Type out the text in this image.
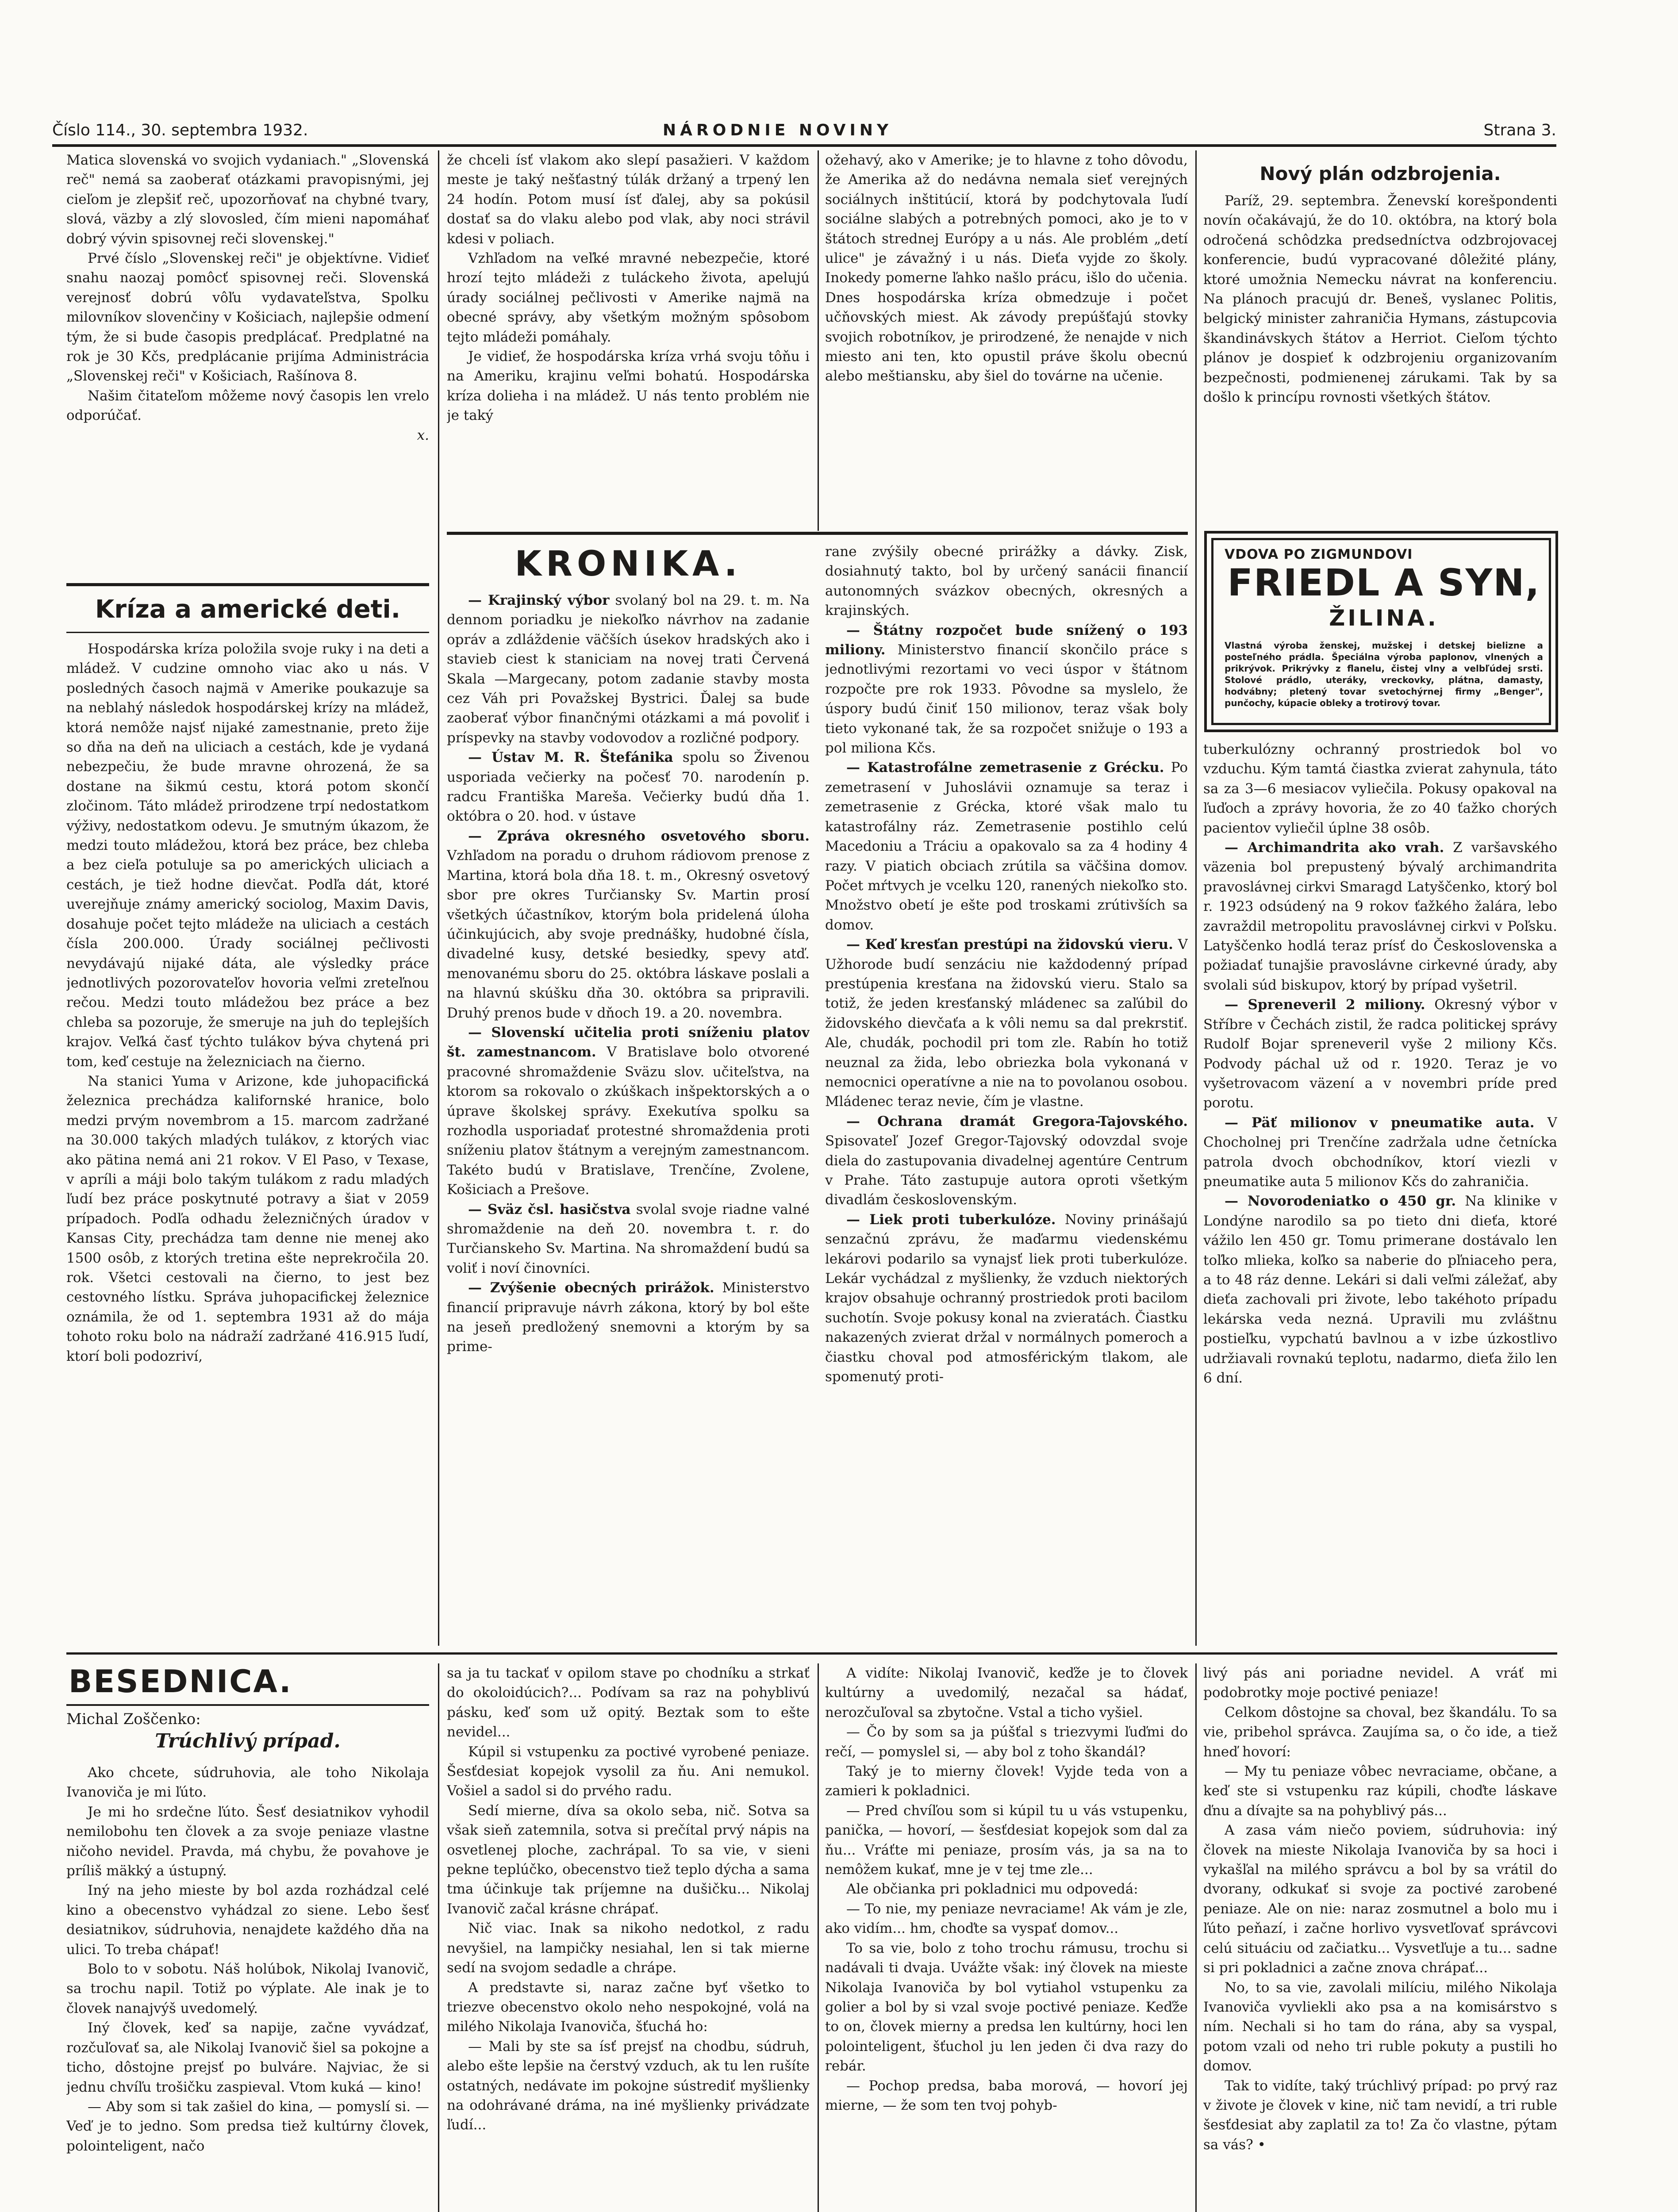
Číslo 114., 30. septembra 1932.	NÁRODNIE NOVINY	Strana 3.

Matica slovenská vo svojich vydaniach." „Slovenská reč" nemá sa zaoberať otázkami pravopisnými, jej cieľom je zlepšiť reč, upozorňovať na chybné tvary, slová, väzby a zlý slovosled, čím mieni napomáhať dobrý vývin spisovnej reči slovenskej."

Prvé číslo „Slovenskej reči" je objektívne. Vidieť snahu naozaj pomôcť spisovnej reči. Slovenská verejnosť dobrú vôľu vydavateľstva, Spolku milovníkov slovenčiny v Košiciach, najlepšie odmení tým, že si bude časopis predplácať. Predplatné na rok je 30 Kčs, predplácanie prijíma Administrácia „Slovenskej reči" v Košiciach, Rašínova 8.

Našim čitateľom môžeme nový časopis len vrelo odporúčať.

x.

že chceli ísť vlakom ako slepí pasažieri. V každom meste je taký nešťastný túlák držaný a trpený len 24 hodín. Potom musí ísť ďalej, aby sa pokúsil dostať sa do vlaku alebo pod vlak, aby noci strávil kdesi v poliach.

Vzhľadom na veľké mravné nebezpečie, ktoré hrozí tejto mládeži z tuláckeho života, apelujú úrady sociálnej pečlivosti v Amerike najmä na obecné správy, aby všetkým možným spôsobom tejto mládeži pomáhaly.

Je vidieť, že hospodárska kríza vrhá svoju tôňu i na Ameriku, krajinu veľmi bohatú. Hospodárska kríza dolieha i na mládež. U nás tento problém nie je taký

ožehavý, ako v Amerike; je to hlavne z toho dôvodu, že Amerika až do nedávna nemala sieť verejných sociálnych inštitúcií, ktorá by podchytovala ľudí sociálne slabých a potrebných pomoci, ako je to v štátoch strednej Európy a u nás. Ale problém „detí ulice" je závažný i u nás. Dieťa vyjde zo školy. Inokedy pomerne ľahko našlo prácu, išlo do učenia. Dnes hospodárska kríza obmedzuje i počet učňovských miest. Ak závody prepúšťajú stovky svojich robotníkov, je prirodzené, že nenajde v nich miesto ani ten, kto opustil práve školu obecnú alebo meštiansku, aby šiel do továrne na učenie.

Nový plán odzbrojenia.

Paríž, 29. septembra. Ženevskí korešpondenti novín očakávajú, že do 10. októbra, na ktorý bola odročená schôdzka predsedníctva odzbrojovacej konferencie, budú vypracované dôležité plány, ktoré umožnia Nemecku návrat na konferenciu. Na plánoch pracujú dr. Beneš, vyslanec Politis, belgický minister zahraničia Hymans, zástupcovia škandinávskych štátov a Herriot. Cieľom týchto plánov je dospieť k odzbrojeniu organizovaním bezpečnosti, podmienenej zárukami. Tak by sa došlo k princípu rovnosti všetkých štátov.

Kríza a americké deti.

Hospodárska kríza položila svoje ruky i na deti a mládež. V cudzine omnoho viac ako u nás. V posledných časoch najmä v Amerike poukazuje sa na neblahý následok hospodárskej krízy na mládež, ktorá nemôže najsť nijaké zamestnanie, preto žije so dňa na deň na uliciach a cestách, kde je vydaná nebezpečiu, že bude mravne ohrozená, že sa dostane na šikmú cestu, ktorá potom skončí zločinom. Táto mládež prirodzene trpí nedostatkom výživy, nedostatkom odevu. Je smutným úkazom, že medzi touto mládežou, ktorá bez práce, bez chleba a bez cieľa potuluje sa po amerických uliciach a cestách, je tiež hodne dievčat. Podľa dát, ktoré uverejňuje známy americký sociolog, Maxim Davis, dosahuje počet tejto mládeže na uliciach a cestách čísla 200.000. Úrady sociálnej pečlivosti nevydávajú nijaké dáta, ale výsledky práce jednotlivých pozorovateľov hovoria veľmi zreteľnou rečou. Medzi touto mládežou bez práce a bez chleba sa pozoruje, že smeruje na juh do teplejších krajov. Veľká časť týchto tulákov býva chytená pri tom, keď cestuje na železniciach na čierno.

Na stanici Yuma v Arizone, kde juhopacifická železnica prechádza kalifornské hranice, bolo medzi prvým novembrom a 15. marcom zadržané na 30.000 takých mladých tulákov, z ktorých viac ako pätina nemá ani 21 rokov. V El Paso, v Texase, v apríli a máji bolo takým tulákom z radu mladých ľudí bez práce poskytnuté potravy a šiat v 2059 prípadoch. Podľa odhadu železničných úradov v Kansas City, prechádza tam denne nie menej ako 1500 osôb, z ktorých tretina ešte neprekročila 20. rok. Všetci cestovali na čierno, to jest bez cestovného lístku. Správa juhopacifickej železnice oznámila, že od 1. septembra 1931 až do mája tohoto roku bolo na nádraží zadržané 416.915 ľudí, ktorí boli podozriví,

KRONIKA.

— Krajinský výbor svolaný bol na 29. t. m. Na dennom poriadku je niekoľko návrhov na zadanie opráv a zdláždenie väčších úsekov hradských ako i stavieb ciest k staniciam na novej trati Červená Skala —Margecany, potom zadanie stavby mosta cez Váh pri Považskej Bystrici. Ďalej sa bude zaoberať výbor finančnými otázkami a má povoliť i príspevky na stavby vodovodov a rozličné podpory.

— Ústav M. R. Štefánika spolu so Živenou usporiada večierky na počesť 70. narodenín p. radcu Františka Mareša. Večierky budú dňa 1. októbra o 20. hod. v ústave

— Zpráva okresného osvetového sboru. Vzhľadom na poradu o druhom rádiovom prenose z Martina, ktorá bola dňa 18. t. m., Okresný osvetový sbor pre okres Turčiansky Sv. Martin prosí všetkých účastníkov, ktorým bola pridelená úloha účinkujúcich, aby svoje prednášky, hudobné čísla, divadelné kusy, detské besiedky, spevy atď. menovanému sboru do 25. októbra láskave poslali a na hlavnú skúšku dňa 30. októbra sa pripravili. Druhý prenos bude v dňoch 19. a 20. novembra.

— Slovenskí učitelia proti sníženiu platov št. zamestnancom. V Bratislave bolo otvorené pracovné shromaždenie Sväzu slov. učiteľstva, na ktorom sa rokovalo o zkúškach inšpektorských a o úprave školskej správy. Exekutíva spolku sa rozhodla usporiadať protestné shromaždenia proti sníženiu platov štátnym a verejným zamestnancom. Takéto budú v Bratislave, Trenčíne, Zvolene, Košiciach a Prešove.

— Sväz čsl. hasičstva svolal svoje riadne valné shromaždenie na deň 20. novembra t. r. do Turčianskeho Sv. Martina. Na shromaždení budú sa voliť i noví činovníci.

— Zvýšenie obecných prirážok. Ministerstvo financií pripravuje návrh zákona, ktorý by bol ešte na jeseň predložený snemovni a ktorým by sa prime-

rane zvýšily obecné prirážky a dávky. Zisk, dosiahnutý takto, bol by určený sanácii financií autonomných svázkov obecných, okresných a krajinských.

— Štátny rozpočet bude snížený o 193 miliony. Ministerstvo financií skončilo práce s jednotlivými rezortami vo veci úspor v štátnom rozpočte pre rok 1933. Pôvodne sa myslelo, že úspory budú činiť 150 milionov, teraz však boly tieto vykonané tak, že sa rozpočet snižuje o 193 a pol miliona Kčs.

— Katastrofálne zemetrasenie z Grécku. Po zemetrasení v Juhoslávii oznamuje sa teraz i zemetrasenie z Grécka, ktoré však malo tu katastrofálny ráz. Zemetrasenie postihlo celú Macedoniu a Tráciu a opakovalo sa za 4 hodiny 4 razy. V piatich obciach zrútila sa väčšina domov. Počet mŕtvych je vcelku 120, ranených niekoľko sto. Množstvo obetí je ešte pod troskami zrútivších sa domov.

— Keď kresťan prestúpi na židovskú vieru. V Užhorode budí senzáciu nie každodenný prípad prestúpenia kresťana na židovskú vieru. Stalo sa totiž, že jeden kresťanský mládenec sa zaľúbil do židovského dievčaťa a k vôli nemu sa dal prekrstiť. Ale, chudák, pochodil pri tom zle. Rabín ho totiž neuznal za žida, lebo obriezka bola vykonaná v nemocnici operatívne a nie na to povolanou osobou. Mládenec teraz nevie, čím je vlastne.

— Ochrana dramát Gregora-Tajovského. Spisovateľ Jozef Gregor-Tajovský odovzdal svoje diela do zastupovania divadelnej agentúre Centrum v Prahe. Táto zastupuje autora oproti všetkým divadlám československým.

— Liek proti tuberkulóze. Noviny prinášajú senzačnú zprávu, že maďarmu viedenskému lekárovi podarilo sa vynajsť liek proti tuberkulóze. Lekár vychádzal z myšlienky, že vzduch niektorých krajov obsahuje ochranný prostriedok proti bacilom suchotín. Svoje pokusy konal na zvieratách. Čiastku nakazených zvierat držal v normálnych pomeroch a čiastku choval pod atmosférickým tlakom, ale spomenutý proti-

VDOVA PO ZIGMUNDOVI
FRIEDL A SYN,
ŽILINA.
Vlastná výroba ženskej, mužskej i detskej bielizne a posteľného prádla. Špeciálna výroba paplonov, vlnených a prikrývok. Prikrývky z flanelu, čistej vlny a velbľúdej srsti. Stolové prádlo, uteráky, vreckovky, plátna, damasty, hodvábny; pletený tovar svetochýrnej firmy „Benger", punčochy, kúpacie obleky a trotirový tovar.

tuberkulózny ochranný prostriedok bol vo vzduchu. Kým tamtá čiastka zvierat zahynula, táto sa za 3—6 mesiacov vyliečila. Pokusy opakoval na ľuďoch a zprávy hovoria, že zo 40 ťažko chorých pacientov vyliečil úplne 38 osôb.

— Archimandrita ako vrah. Z varšavského väzenia bol prepustený bývalý archimandrita pravoslávnej cirkvi Smaragd Latyščenko, ktorý bol r. 1923 odsúdený na 9 rokov ťažkého žalára, lebo zavraždil metropolitu pravoslávnej cirkvi v Poľsku. Latyščenko hodlá teraz prísť do Československa a požiadať tunajšie pravoslávne cirkevné úrady, aby svolali súd biskupov, ktorý by prípad vyšetril.

— Spreneveril 2 miliony. Okresný výbor v Stříbre v Čechách zistil, že radca politickej správy Rudolf Bojar spreneveril vyše 2 miliony Kčs. Podvody páchal už od r. 1920. Teraz je vo vyšetrovacom väzení a v novembri príde pred porotu.

— Päť milionov v pneumatike auta. V Chocholnej pri Trenčíne zadržala udne četnícka patrola dvoch obchodníkov, ktorí viezli v pneumatike auta 5 milionov Kčs do zahraničia.

— Novorodeniatko o 450 gr. Na klinike v Londýne narodilo sa po tieto dni dieťa, ktoré vážilo len 450 gr. Tomu primerane dostávalo len toľko mlieka, koľko sa naberie do pľniaceho pera, a to 48 ráz denne. Lekári si dali veľmi záležať, aby dieťa zachovali pri živote, lebo takéhoto prípadu lekárska veda nezná. Upravili mu zvláštnu postieľku, vypchatú bavlnou a v izbe úzkostlivo udržiavali rovnakú teplotu, nadarmo, dieťa žilo len 6 dní.

BESEDNICA.
Michal Zoščenko:
Trúchlivý prípad.

Ako chcete, súdruhovia, ale toho Nikolaja Ivanoviča je mi ľúto.

Je mi ho srdečne ľúto. Šesť desiatnikov vyhodil nemilobohu ten človek a za svoje peniaze vlastne ničoho nevidel. Pravda, má chybu, že povahove je príliš mäkký a ústupný.

Iný na jeho mieste by bol azda rozhádzal celé kino a obecenstvo vyhádzal zo siene. Lebo šesť desiatnikov, súdruhovia, nenajdete každého dňa na ulici. To treba chápať!

Bolo to v sobotu. Náš holúbok, Nikolaj Ivanovič, sa trochu napil. Totiž po výplate. Ale inak je to človek nanajvýš uvedomelý.

Iný človek, keď sa napije, začne vyvádzať, rozčuľovať sa, ale Nikolaj Ivanovič šiel sa pokojne a ticho, dôstojne prejsť po bulváre. Najviac, že si jednu chvíľu trošičku zaspieval. Vtom kuká — kino!

— Aby som si tak zašiel do kina, — pomyslí si. — Veď je to jedno. Som predsa tiež kultúrny človek, polointeligent, načo

sa ja tu tackať v opilom stave po chodníku a strkať do okoloidúcich?... Podívam sa raz na pohyblivú pásku, keď som už opitý. Beztak som to ešte nevidel...

Kúpil si vstupenku za poctivé vyrobené peniaze. Šesťdesiat kopejok vysolil za ňu. Ani nemukol. Vošiel a sadol si do prvého radu.

Sedí mierne, díva sa okolo seba, nič. Sotva sa však sieň zatemnila, sotva si prečítal prvý nápis na osvetlenej ploche, zachrápal. To sa vie, v sieni pekne teplúčko, obecenstvo tiež teplo dýcha a sama tma účinkuje tak príjemne na dušičku... Nikolaj Ivanovič začal krásne chrápať.

Nič viac. Inak sa nikoho nedotkol, z radu nevyšiel, na lampičky nesiahal, len si tak mierne sedí na svojom sedadle a chrápe.

A predstavte si, naraz začne byť všetko to triezve obecenstvo okolo neho nespokojné, volá na milého Nikolaja Ivanoviča, šťuchá ho:

— Mali by ste sa ísť prejsť na chodbu, súdruh, alebo ešte lepšie na čerstvý vzduch, ak tu len rušíte ostatných, nedávate im pokojne sústrediť myšlienky na odohrávané dráma, na iné myšlienky privádzate ľudí...

A vidíte: Nikolaj Ivanovič, keďže je to človek kultúrny a uvedomilý, nezačal sa hádať, nerozčuľoval sa zbytočne. Vstal a ticho vyšiel.

— Čo by som sa ja púšťal s triezvymi ľuďmi do rečí, — pomyslel si, — aby bol z toho škandál?

Taký je to mierny človek! Vyjde teda von a zamieri k pokladnici.

— Pred chvíľou som si kúpil tu u vás vstupenku, panička, — hovorí, — šesťdesiat kopejok som dal za ňu... Vráťte mi peniaze, prosím vás, ja sa na to nemôžem kukať, mne je v tej tme zle...

Ale občianka pri pokladnici mu odpovedá:

— To nie, my peniaze nevraciame! Ak vám je zle, ako vidím... hm, choďte sa vyspať domov...

To sa vie, bolo z toho trochu rámusu, trochu si nadávali ti dvaja. Uvážte však: iný človek na mieste Nikolaja Ivanoviča by bol vytiahol vstupenku za golier a bol by si vzal svoje poctivé peniaze. Keďže to on, človek mierny a predsa len kultúrny, hoci len polointeligent, šťuchol ju len jeden či dva razy do rebár.

— Pochop predsa, baba morová, — hovorí jej mierne, — že som ten tvoj pohyb-

livý pás ani poriadne nevidel. A vráť mi podobrotky moje poctivé peniaze!

Celkom dôstojne sa choval, bez škandálu. To sa vie, pribehol správca. Zaujíma sa, o čo ide, a tiež hneď hovorí:

— My tu peniaze vôbec nevraciame, občane, a keď ste si vstupenku raz kúpili, choďte láskave ďnu a dívajte sa na pohyblivý pás...

A zasa vám niečo poviem, súdruhovia: iný človek na mieste Nikolaja Ivanoviča by sa hoci i vykašľal na milého správcu a bol by sa vrátil do dvorany, odkukať si svoje za poctivé zarobené peniaze. Ale on nie: naraz zosmutnel a bolo mu i ľúto peňazí, i začne horlivo vysvetľovať správcovi celú situáciu od začiatku... Vysvetľuje a tu... sadne si pri pokladnici a začne znova chrápať...

No, to sa vie, zavolali milíciu, milého Nikolaja Ivanoviča vyvliekli ako psa a na komisárstvo s ním. Nechali si ho tam do rána, aby sa vyspal, potom vzali od neho tri ruble pokuty a pustili ho domov.

Tak to vidíte, taký trúchlivý prípad: po prvý raz v živote je človek v kine, nič tam nevidí, a tri ruble šesťdesiat aby zaplatil za to! Za čo vlastne, pýtam sa vás? •
